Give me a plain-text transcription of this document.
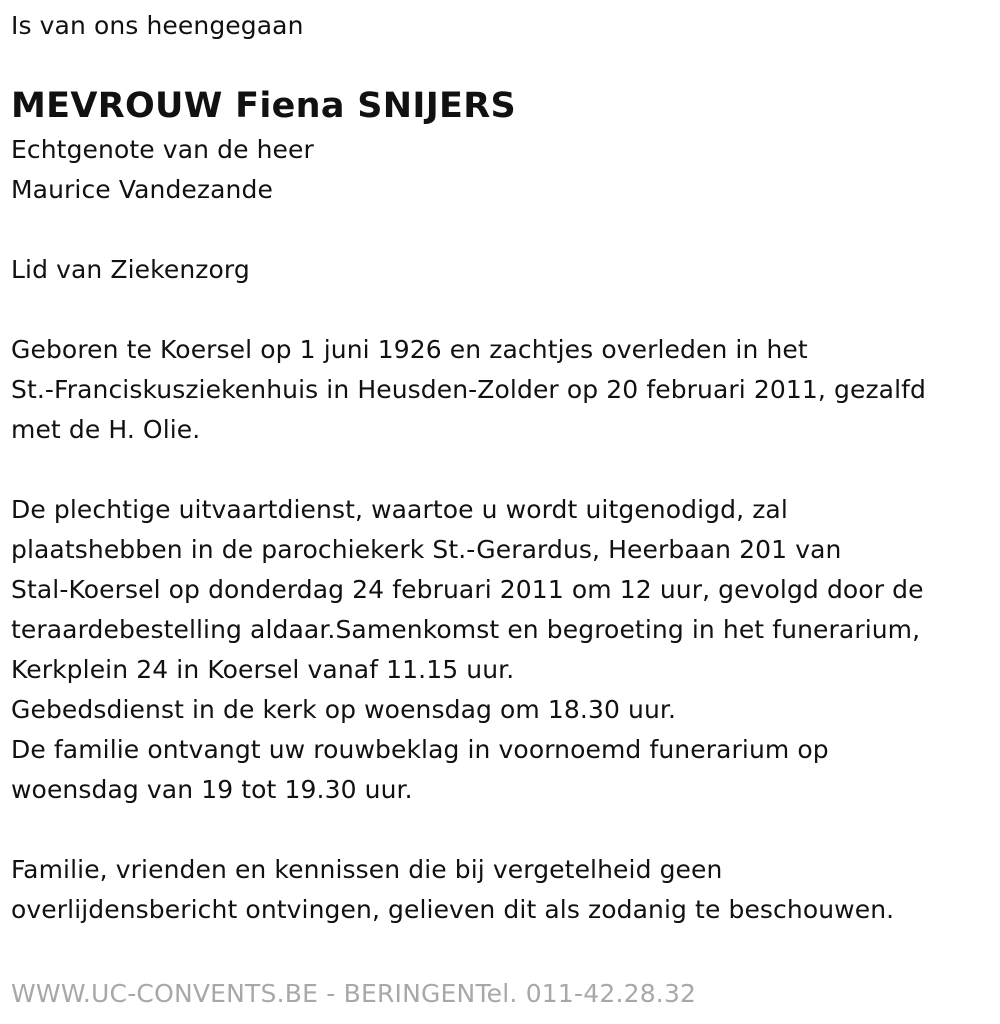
Is van ons heengegaan
MEVROUW Fiena SNIJERS
Echtgenote van de heer
Maurice Vandezande
Lid van Ziekenzorg
Geboren te Koersel op 1 juni 1926 en zachtjes overleden in het
St.-Franciskusziekenhuis in Heusden-Zolder op 20 februari 2011, gezalfd
met de H. Olie.
De plechtige uitvaartdienst, waartoe u wordt uitgenodigd, zal
plaatshebben in de parochiekerk St.-Gerardus, Heerbaan 201 van
Stal-Koersel op donderdag 24 februari 2011 om 12 uur, gevolgd door de
teraardebestelling aldaar.Samenkomst en begroeting in het funerarium,
Kerkplein 24 in Koersel vanaf 11.15 uur.
Gebedsdienst in de kerk op woensdag om 18.30 uur.
De familie ontvangt uw rouwbeklag in voornoemd funerarium op
woensdag van 19 tot 19.30 uur.
Familie, vrienden en kennissen die bij vergetelheid geen
overlijdensbericht ontvingen, gelieven dit als zodanig te beschouwen.
WWW.UC-CONVENTS.BE - BERINGENTel. 011-42.28.32
